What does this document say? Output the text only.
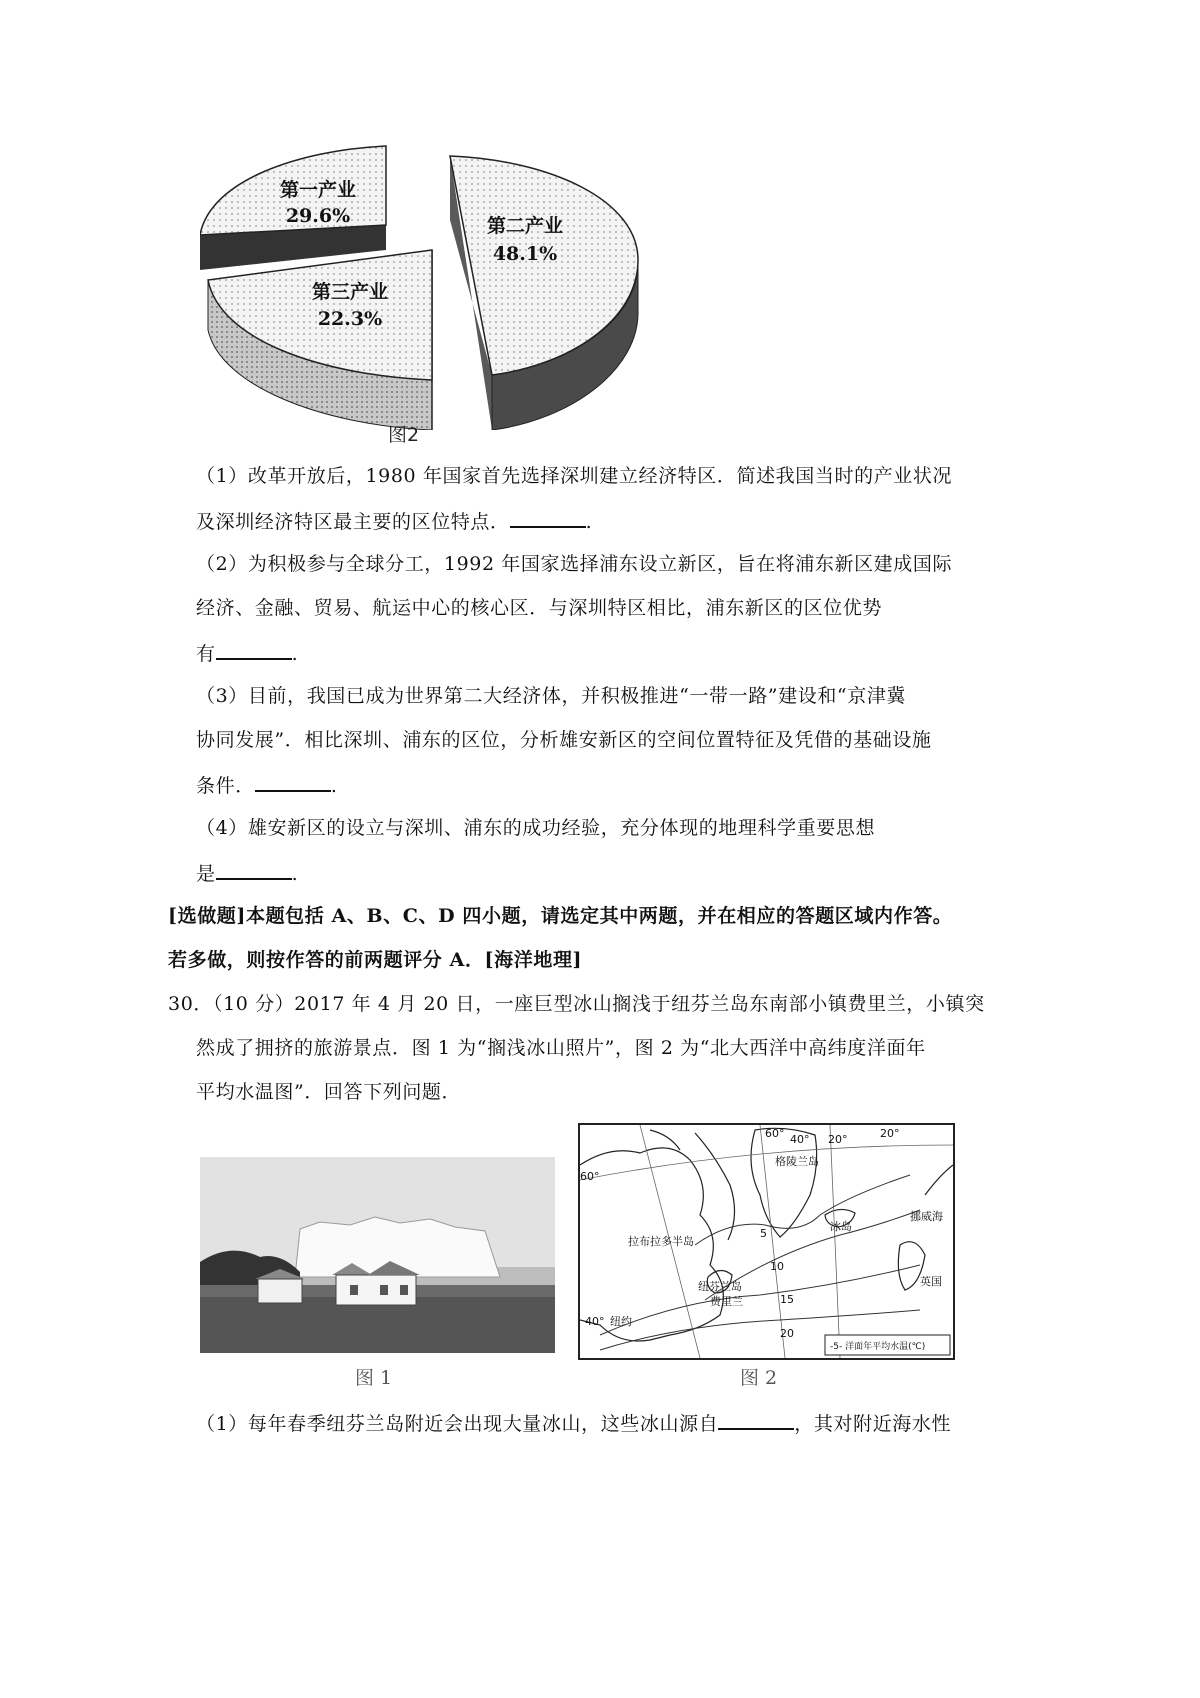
第一产业
29.6%	第二产业
48.1%
第三产业
22.3%
图2
（1）改革开放后，1980 年国家首先选择深圳建立经济特区．简述我国当时的产业状况
及深圳经济特区最主要的区位特点．	.
（2）为积极参与全球分工，1992 年国家选择浦东设立新区，旨在将浦东新区建成国际
经济、金融、贸易、航运中心的核心区．与深圳特区相比，浦东新区的区位优势
有	.
（3）目前，我国已成为世界第二大经济体，并积极推进“一带一路”建设和“京津冀
协同发展”．相比深圳、浦东的区位，分析雄安新区的空间位置特征及凭借的基础设施
条件．	.
（4）雄安新区的设立与深圳、浦东的成功经验，充分体现的地理科学重要思想
是	.
[选做题]本题包括 A、B、C、D 四小题，请选定其中两题，并在相应的答题区域内作答。
若多做，则按作答的前两题评分 A．[海洋地理]
30．（10 分）2017 年 4 月 20 日，一座巨型冰山搁浅于纽芬兰岛东南部小镇费里兰，小镇突
然成了拥挤的旅游景点．图 1 为“搁浅冰山照片”，图 2 为“北大西洋中高纬度洋面年
平均水温图”．回答下列问题．
图 1
格陵兰岛
冰岛
挪威海
拉布拉多半岛
纽芬兰岛
费里兰
纽约
英国
60°
40°
60° 40° 20°	20°
5
10
15
20
-5- 洋面年平均水温(℃)
图 2
（1）每年春季纽芬兰岛附近会出现大量冰山，这些冰山源自	，其对附近海水性
